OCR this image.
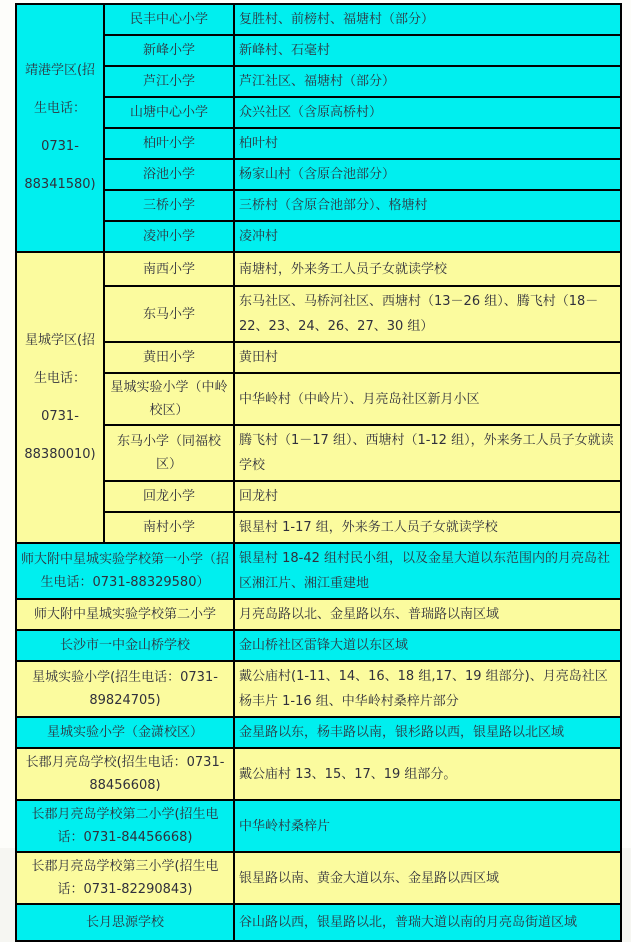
靖港学区(招
生电话：
0731-
88341580)	民丰中心小学	复胜村、前榜村、福塘村（部分）
	新峰小学	新峰村、石毫村
	芦江小学	芦江社区、福塘村（部分）
	山塘中心小学	众兴社区（含原高桥村）
	柏叶小学	柏叶村
	浴池小学	杨家山村（含原合池部分）
	三桥小学	三桥村（含原合池部分）、格塘村
	凌冲小学	凌冲村

星城学区(招
生电话：
0731-
88380010)	南西小学	南塘村，外来务工人员子女就读学校
	东马小学	东马社区、马桥河社区、西塘村（13－26 组）、腾飞村（18－22、23、24、26、27、30 组）
	黄田小学	黄田村
	星城实验小学（中岭校区）	中华岭村（中岭片）、月亮岛社区新月小区
	东马小学（同福校区）	腾飞村（1－17 组）、西塘村（1-12 组），外来务工人员子女就读学校
	回龙小学	回龙村
	南村小学	银星村 1-17 组，外来务工人员子女就读学校
师大附中星城实验学校第一小学（招生电话：0731-88329580）		银星村 18-42 组村民小组，以及金星大道以东范围内的月亮岛社区湘江片、湘江重建地
师大附中星城实验学校第二小学		月亮岛路以北、金星路以东、普瑞路以南区域
长沙市一中金山桥学校		金山桥社区雷锋大道以东区域
星城实验小学(招生电话：0731-89824705)		戴公庙村(1-11、14、16、18 组,17、19 组部分)、月亮岛社区杨丰片 1-16 组、中华岭村桑梓片部分
星城实验小学（金潇校区）		金星路以东，杨丰路以南，银杉路以西，银星路以北区域
长郡月亮岛学校(招生电话：0731-88456608)		戴公庙村 13、15、17、19 组部分。
长郡月亮岛学校第二小学(招生电话：0731-84456668)		中华岭村桑梓片
长郡月亮岛学校第三小学(招生电话：0731-82290843)		银星路以南、黄金大道以东、金星路以西区域
长月思源学校		谷山路以西，银星路以北，普瑞大道以南的月亮岛街道区域
